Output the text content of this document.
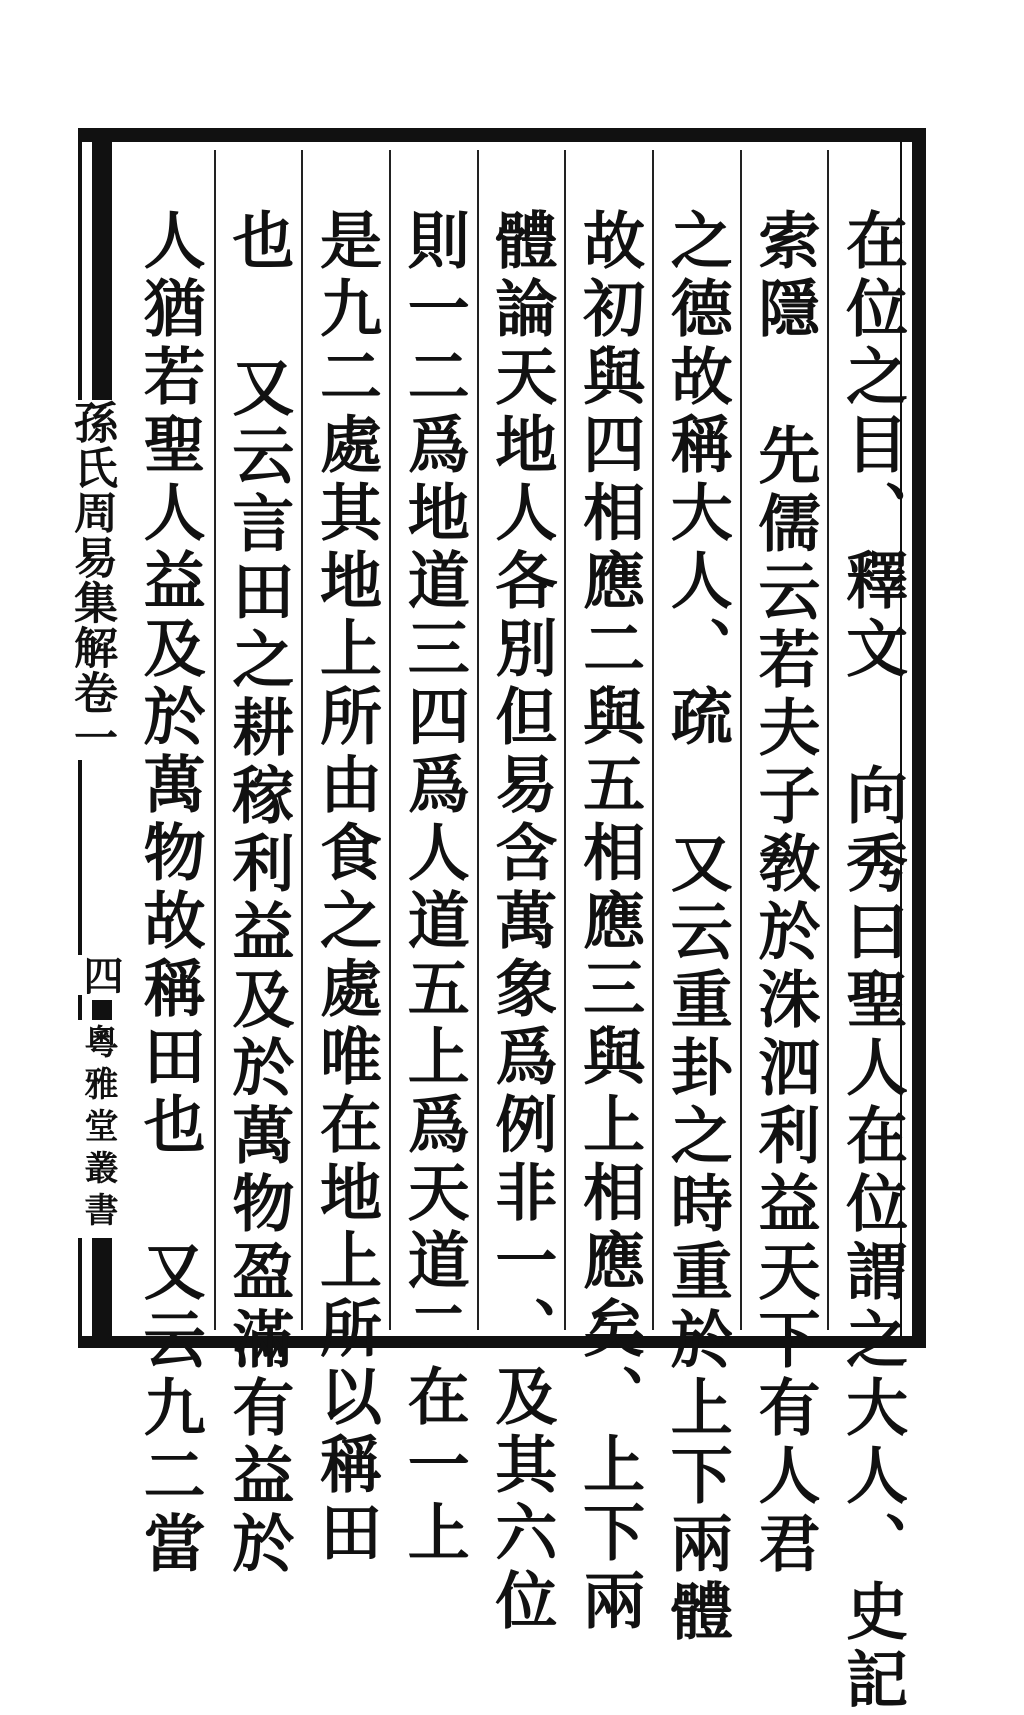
在位之目、釋文 向秀曰聖人在位謂之大人、史記
索隱 先儒云若夫子敎於洙泗利益天下有人君
之德故稱大人、疏 又云重卦之時重於上下兩體
故初與四相應二與五相應三與上相應矣、上下兩
體論天地人各別但易含萬象爲例非一、及其六位
則一二爲地道三四爲人道五上爲天道二在一上
是九二處其地上所由食之處唯在地上所以稱田
也 又云言田之耕稼利益及於萬物盈滿有益於
人猶若聖人益及於萬物故稱田也 又云九二當
孫氏周易集解卷一
四
粵雅堂叢書
